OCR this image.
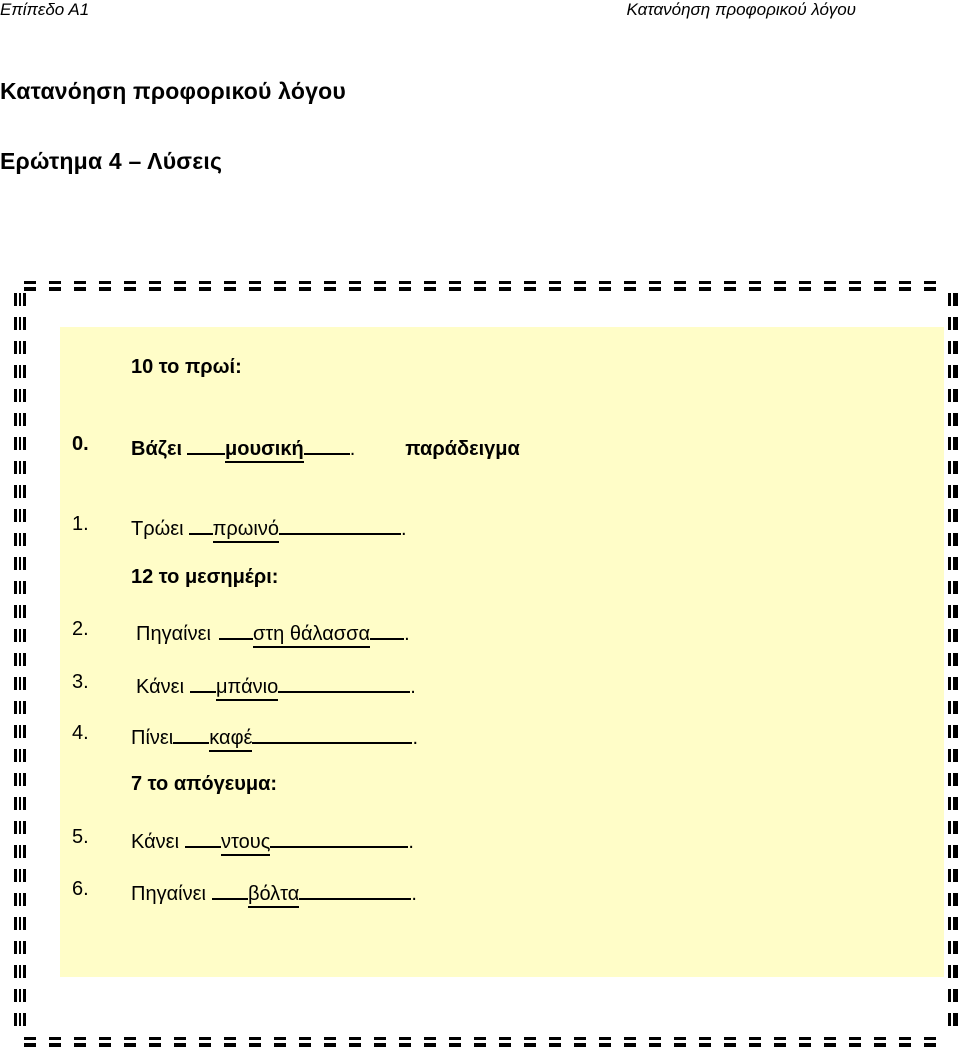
Επίπεδο Α1	Κατανόηση προφορικού λόγου
Κατανόηση προφορικού λόγου
Ερώτημα 4 – Λύσεις
10 το πρωί:
0. Βάζει μουσική .	παράδειγμα
1. Τρώει πρωινό	.
12 το μεσημέρι:
2. Πηγαίνει στη θάλασσα .
3. Κάνει μπάνιο	.
4. Πίνει καφέ	.
7 το απόγευμα:
5. Κάνει ντους	.
6. Πηγαίνει βόλτα	.
